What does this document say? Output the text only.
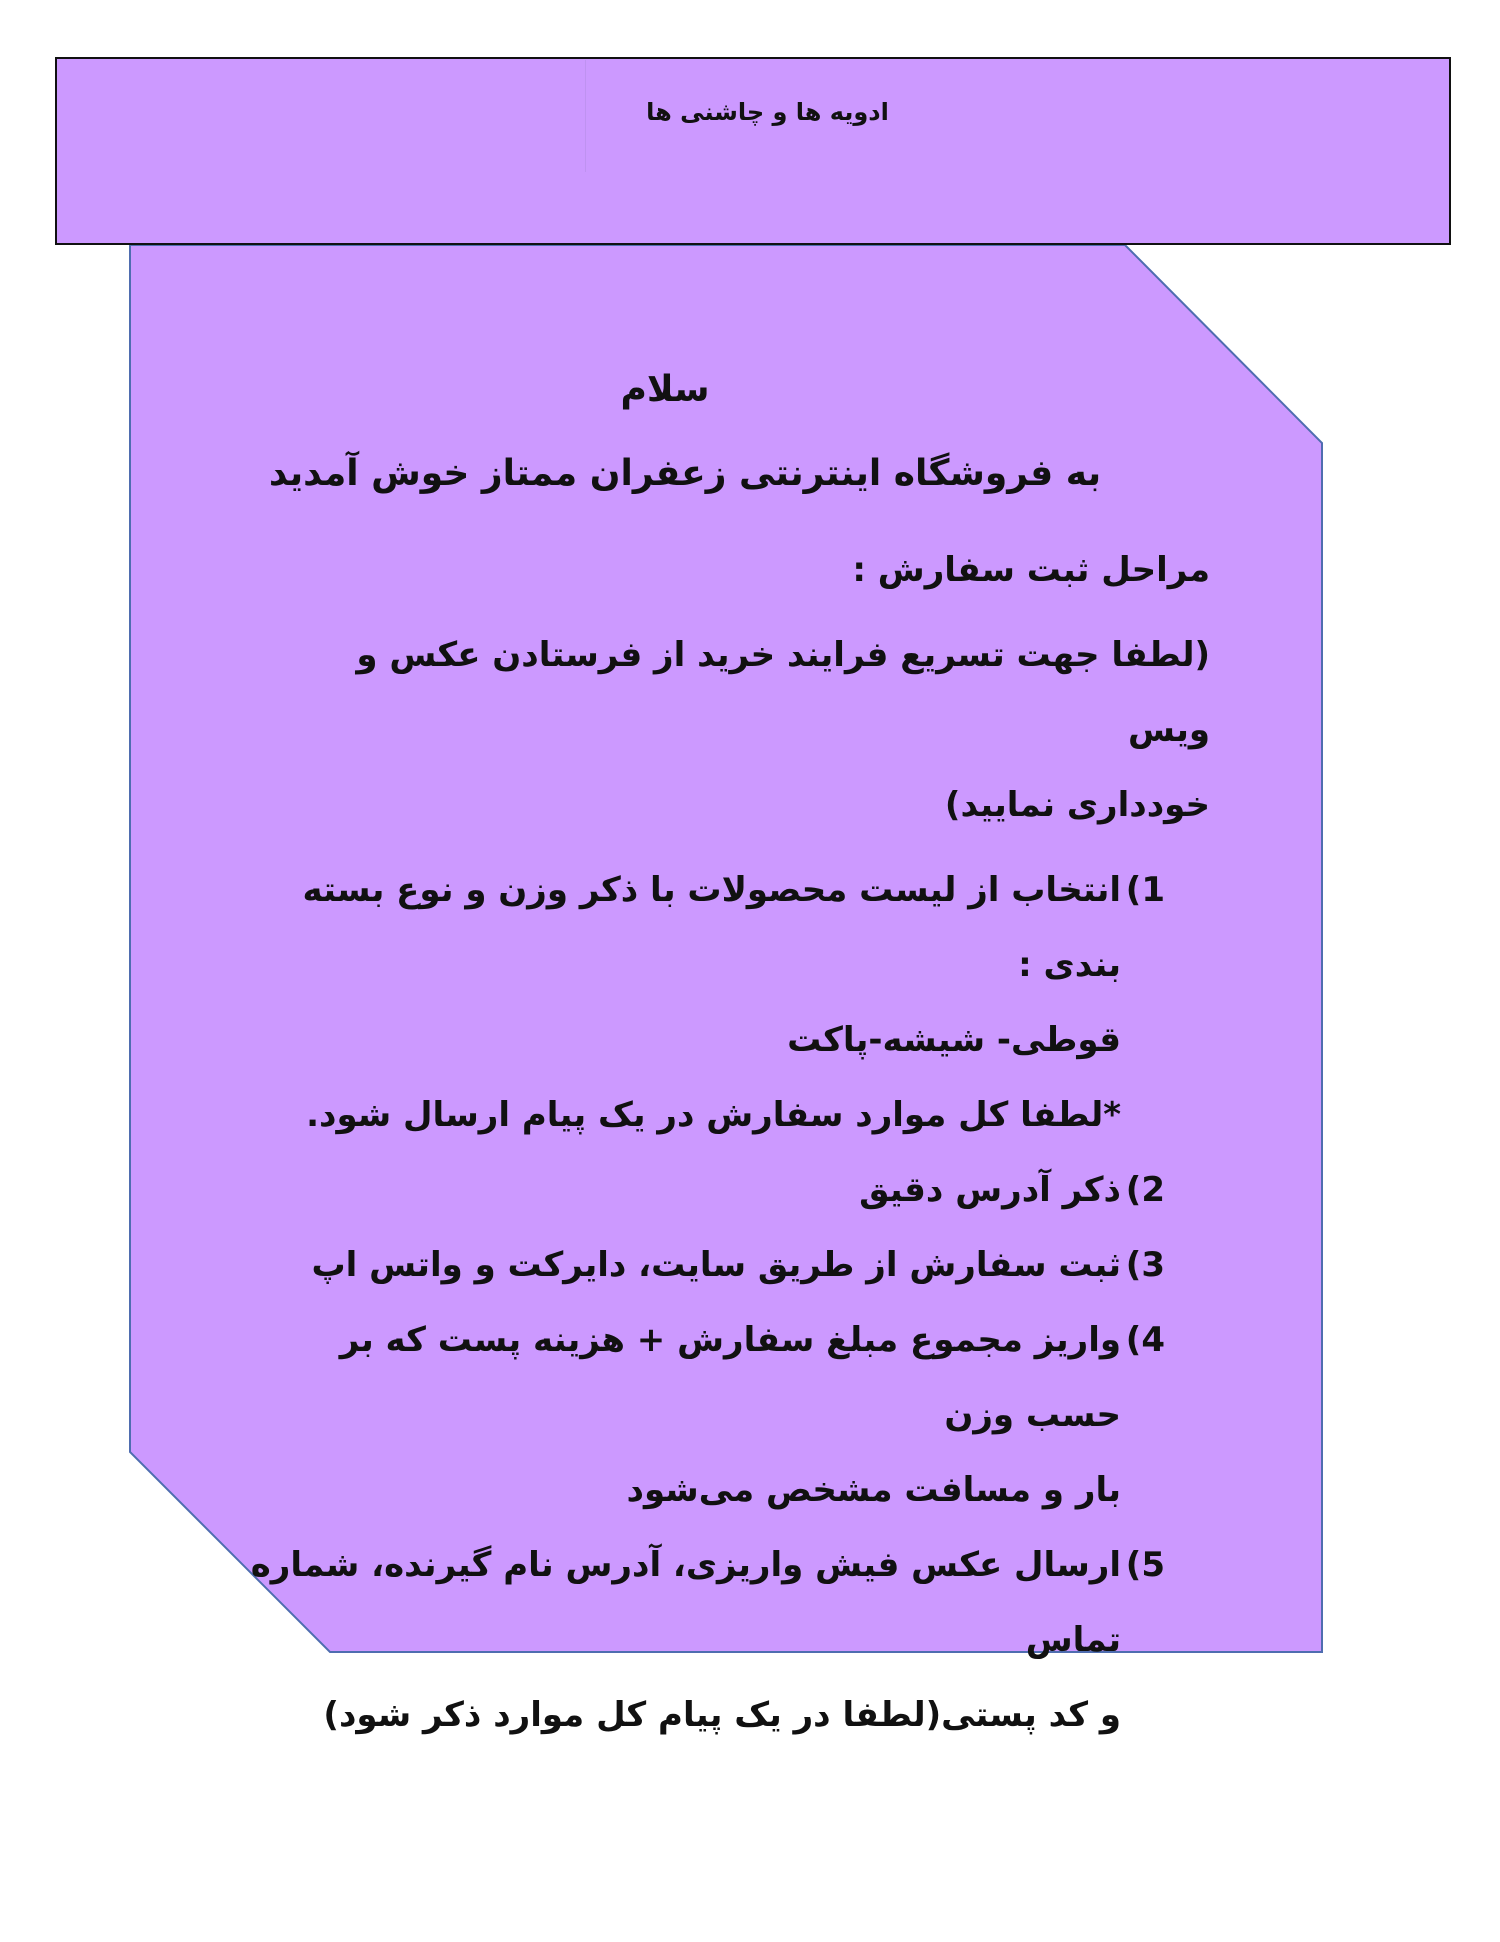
ادویه ها و چاشنی ها

سلام

به فروشگاه اینترنتی زعفران ممتاز خوش آمدید

مراحل ثبت سفارش :

(لطفا جهت تسریع فرایند خرید از فرستادن عکس و ویس
خودداری نمایید)
1)
انتخاب از لیست محصولات با ذکر وزن و نوع بسته بندی :
قوطی- شیشه-پاکت
*لطفا کل موارد سفارش در یک پیام ارسال شود.
2)
ذکر آدرس دقیق
3)
ثبت سفارش از طریق سایت، دایرکت و واتس اپ
4)
واریز مجموع مبلغ سفارش + هزینه پست که بر حسب وزن
بار و مسافت مشخص می‌شود
5)
ارسال عکس فیش واریزی، آدرس نام گیرنده، شماره تماس
و کد پستی(لطفا در یک پیام کل موارد ذکر شود)
